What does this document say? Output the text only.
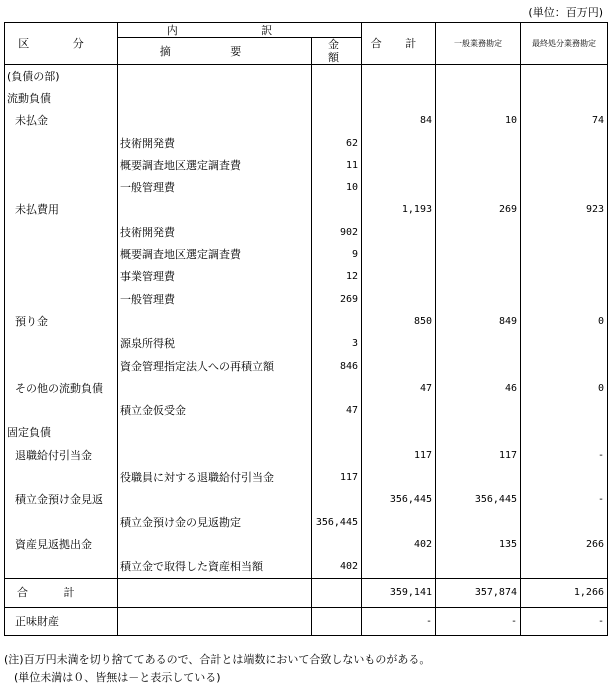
(単位：百万円)
区 分	内 訳		合 計	一般業務勘定	最終処分業務勘定
	摘 要	金 額			
(負債の部)					
流動負債					
未払金			84	10	74
	技術開発費	62			
	概要調査地区選定調査費	11			
	一般管理費	10			
未払費用			1,193	269	923
	技術開発費	902			
	概要調査地区選定調査費	9			
	事業管理費	12			
	一般管理費	269			
預り金			850	849	0
	源泉所得税	3			
	資金管理指定法人への再積立額	846			
その他の流動負債			47	46	0
	積立金仮受金	47			
固定負債					
退職給付引当金			117	117	-
	役職員に対する退職給付引当金	117			
積立金預け金見返			356,445	356,445	-
	積立金預け金の見返勘定	356,445			
資産見返拠出金			402	135	266
	積立金で取得した資産相当額	402			
合 計			359,141	357,874	1,266
正味財産			-	-	-
(注)百万円未満を切り捨ててあるので、合計とは端数において合致しないものがある。
(単位未満は０、皆無は－と表示している)
